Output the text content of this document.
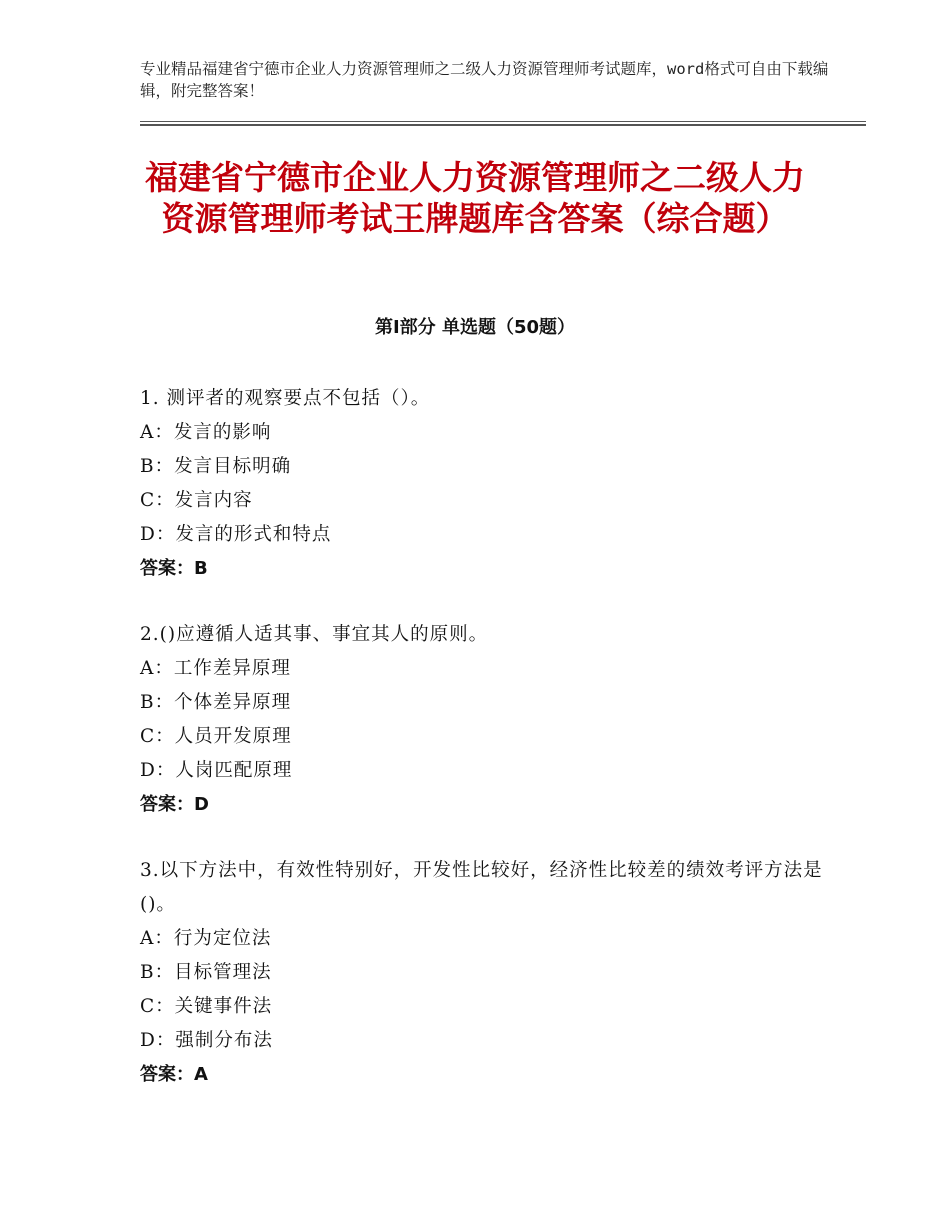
专业精品福建省宁德市企业人力资源管理师之二级人力资源管理师考试题库，word格式可自由下载编辑，附完整答案！
福建省宁德市企业人力资源管理师之二级人力资源管理师考试王牌题库含答案（综合题）
第Ⅰ部分 单选题（50题）
1. 测评者的观察要点不包括（）。
A：发言的影响
B：发言目标明确
C：发言内容
D：发言的形式和特点
答案：B
2.()应遵循人适其事、事宜其人的原则。
A：工作差异原理
B：个体差异原理
C：人员开发原理
D：人岗匹配原理
答案：D
3.以下方法中，有效性特别好，开发性比较好，经济性比较差的绩效考评方法是()。
A：行为定位法
B：目标管理法
C：关键事件法
D：强制分布法
答案：A
